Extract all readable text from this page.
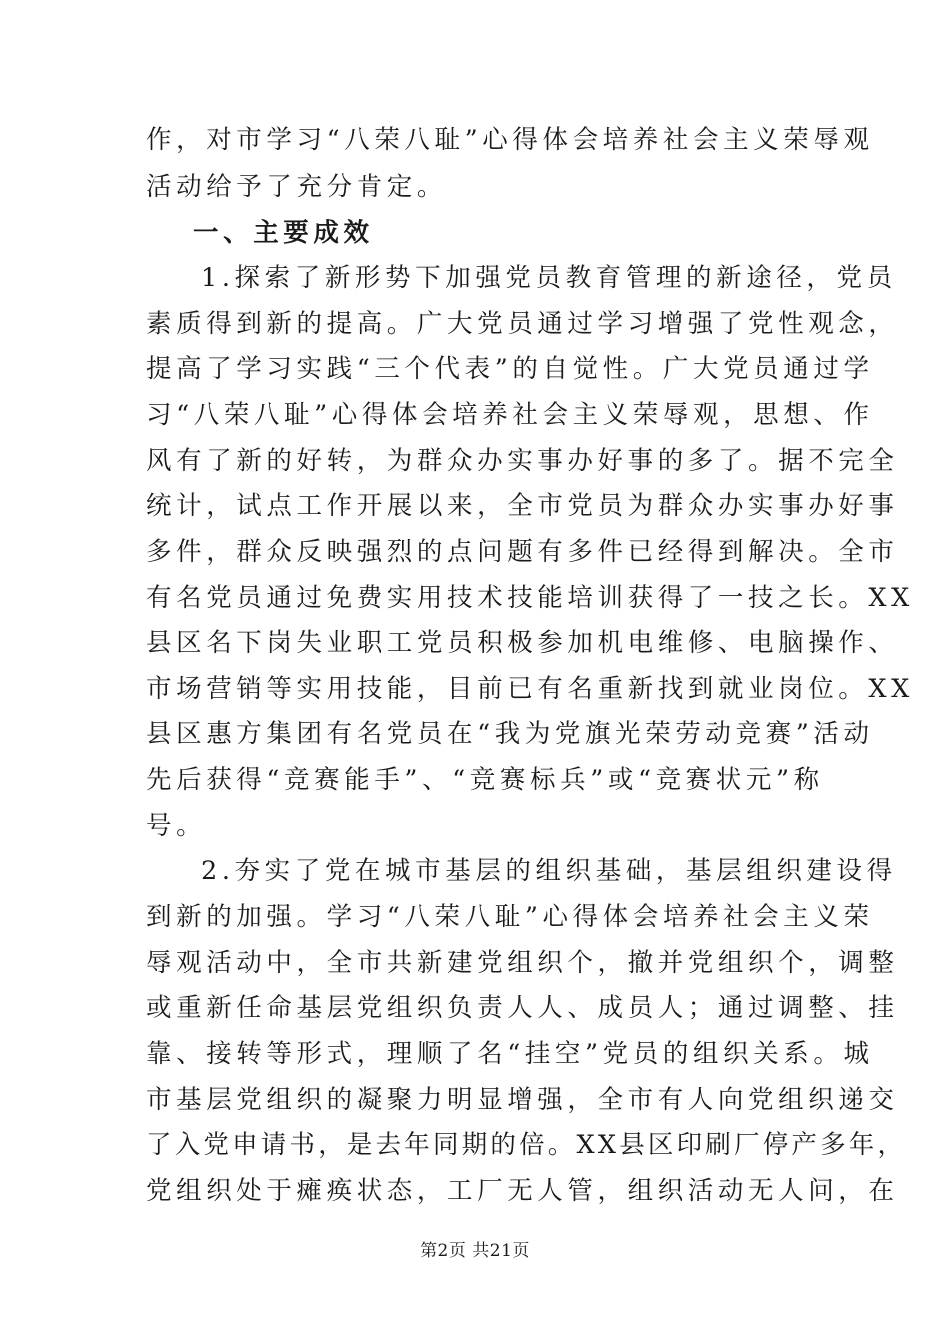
作，对市学习“八荣八耻”心得体会培养社会主义荣辱观
活动给予了充分肯定。
一、主要成效
1.探索了新形势下加强党员教育管理的新途径，党员
素质得到新的提高。广大党员通过学习增强了党性观念，
提高了学习实践“三个代表”的自觉性。广大党员通过学
习“八荣八耻”心得体会培养社会主义荣辱观，思想、作
风有了新的好转，为群众办实事办好事的多了。据不完全
统计，试点工作开展以来，全市党员为群众办实事办好事
多件，群众反映强烈的点问题有多件已经得到解决。全市
有名党员通过免费实用技术技能培训获得了一技之长。XX
县区名下岗失业职工党员积极参加机电维修、电脑操作、
市场营销等实用技能，目前已有名重新找到就业岗位。XX
县区惠方集团有名党员在“我为党旗光荣劳动竞赛”活动
先后获得“竞赛能手”、“竞赛标兵”或“竞赛状元”称
号。
2.夯实了党在城市基层的组织基础，基层组织建设得
到新的加强。学习“八荣八耻”心得体会培养社会主义荣
辱观活动中，全市共新建党组织个，撤并党组织个，调整
或重新任命基层党组织负责人人、成员人；通过调整、挂
靠、接转等形式，理顺了名“挂空”党员的组织关系。城
市基层党组织的凝聚力明显增强，全市有人向党组织递交
了入党申请书，是去年同期的倍。XX县区印刷厂停产多年，
党组织处于瘫痪状态，工厂无人管，组织活动无人问，在
第2页 共21页
